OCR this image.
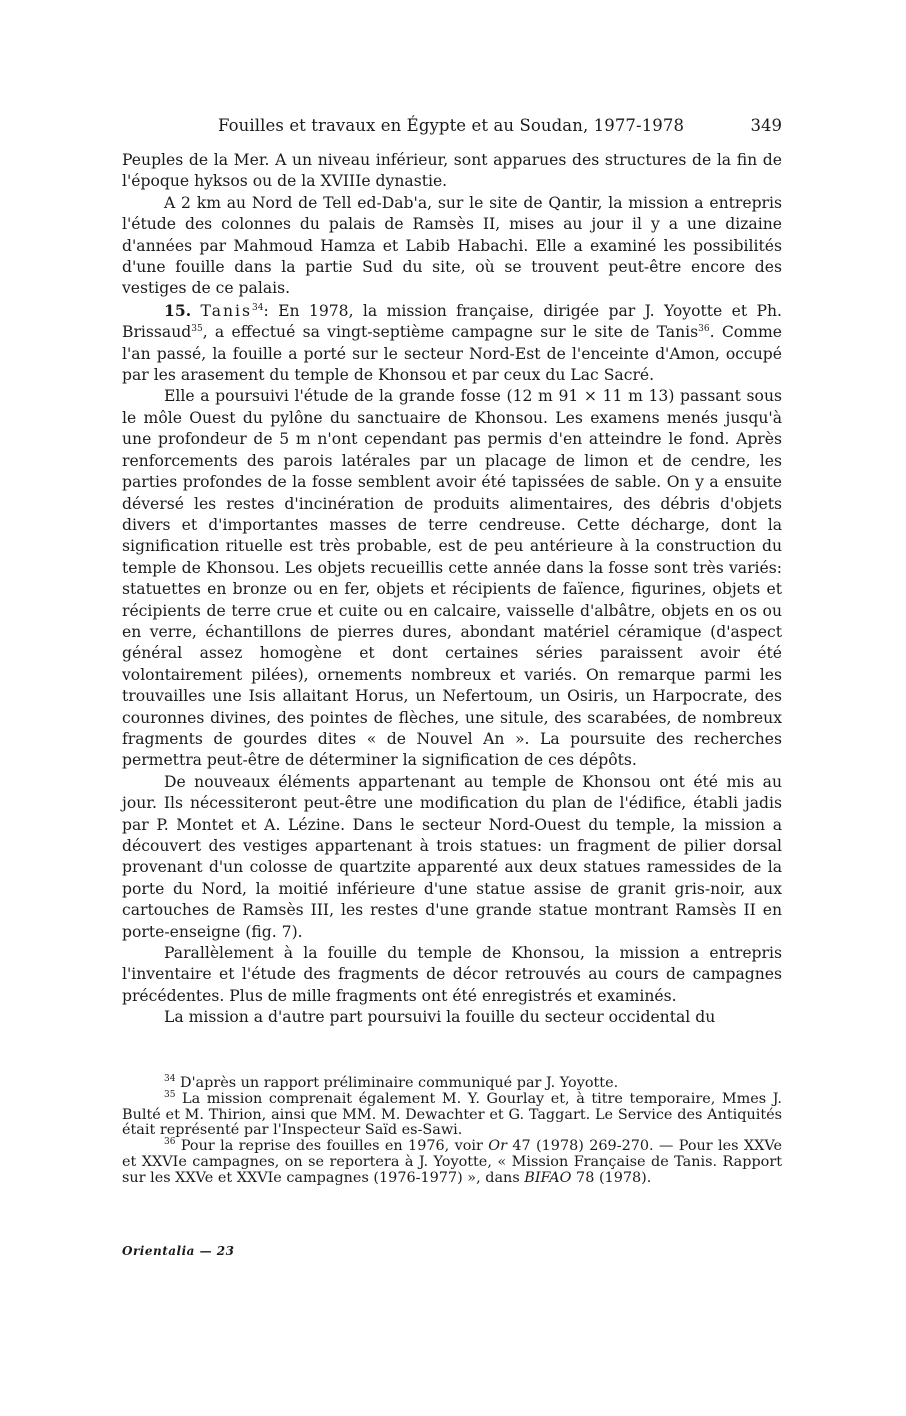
Fouilles et travaux en Égypte et au Soudan, 1977-1978	349

Peuples de la Mer. A un niveau inférieur, sont apparues des structures de la fin de l'époque hyksos ou de la XVIIIe dynastie.

A 2 km au Nord de Tell ed-Dab'a, sur le site de Qantir, la mission a entrepris l'étude des colonnes du palais de Ramsès II, mises au jour il y a une dizaine d'années par Mahmoud Hamza et Labib Habachi. Elle a examiné les possibilités d'une fouille dans la partie Sud du site, où se trouvent peut-être encore des vestiges de ce palais.

15. Tanis$^{34}$: En 1978, la mission française, dirigée par J. Yoyotte et Ph. Brissaud$^{35}$, a effectué sa vingt-septième campagne sur le site de Tanis$^{36}$. Comme l'an passé, la fouille a porté sur le secteur Nord-Est de l'enceinte d'Amon, occupé par les arasement du temple de Khonsou et par ceux du Lac Sacré.

Elle a poursuivi l'étude de la grande fosse (12 m 91 × 11 m 13) passant sous le môle Ouest du pylône du sanctuaire de Khonsou. Les examens menés jusqu'à une profondeur de 5 m n'ont cependant pas permis d'en atteindre le fond. Après renforcements des parois latérales par un placage de limon et de cendre, les parties profondes de la fosse semblent avoir été tapissées de sable. On y a ensuite déversé les restes d'incinération de produits alimentaires, des débris d'objets divers et d'importantes masses de terre cendreuse. Cette décharge, dont la signification rituelle est très probable, est de peu antérieure à la construction du temple de Khonsou. Les objets recueillis cette année dans la fosse sont très variés: statuettes en bronze ou en fer, objets et récipients de faïence, figurines, objets et récipients de terre crue et cuite ou en calcaire, vaisselle d'albâtre, objets en os ou en verre, échantillons de pierres dures, abondant matériel céramique (d'aspect général assez homogène et dont certaines séries paraissent avoir été volontairement pilées), ornements nombreux et variés. On remarque parmi les trouvailles une Isis allaitant Horus, un Nefertoum, un Osiris, un Harpocrate, des couronnes divines, des pointes de flèches, une situle, des scarabées, de nombreux fragments de gourdes dites « de Nouvel An ». La poursuite des recherches permettra peut-être de déterminer la signification de ces dépôts.

De nouveaux éléments appartenant au temple de Khonsou ont été mis au jour. Ils nécessiteront peut-être une modification du plan de l'édifice, établi jadis par P. Montet et A. Lézine. Dans le secteur Nord-Ouest du temple, la mission a découvert des vestiges appartenant à trois statues: un fragment de pilier dorsal provenant d'un colosse de quartzite apparenté aux deux statues ramessides de la porte du Nord, la moitié inférieure d'une statue assise de granit gris-noir, aux cartouches de Ramsès III, les restes d'une grande statue montrant Ramsès II en porte-enseigne (fig. 7).

Parallèlement à la fouille du temple de Khonsou, la mission a entrepris l'inventaire et l'étude des fragments de décor retrouvés au cours de campagnes précédentes. Plus de mille fragments ont été enregistrés et examinés.

La mission a d'autre part poursuivi la fouille du secteur occidental du

$^{34}$ D'après un rapport préliminaire communiqué par J. Yoyotte.

$^{35}$ La mission comprenait également M. Y. Gourlay et, à titre temporaire, Mmes J. Bulté et M. Thirion, ainsi que MM. M. Dewachter et G. Taggart. Le Service des Antiquités était représenté par l'Inspecteur Saïd es-Sawi.

$^{36}$ Pour la reprise des fouilles en 1976, voir Or 47 (1978) 269-270. — Pour les XXVe et XXVIe campagnes, on se reportera à J. Yoyotte, « Mission Française de Tanis. Rapport sur les XXVe et XXVIe campagnes (1976-1977) », dans BIFAO 78 (1978).

Orientalia — 23
